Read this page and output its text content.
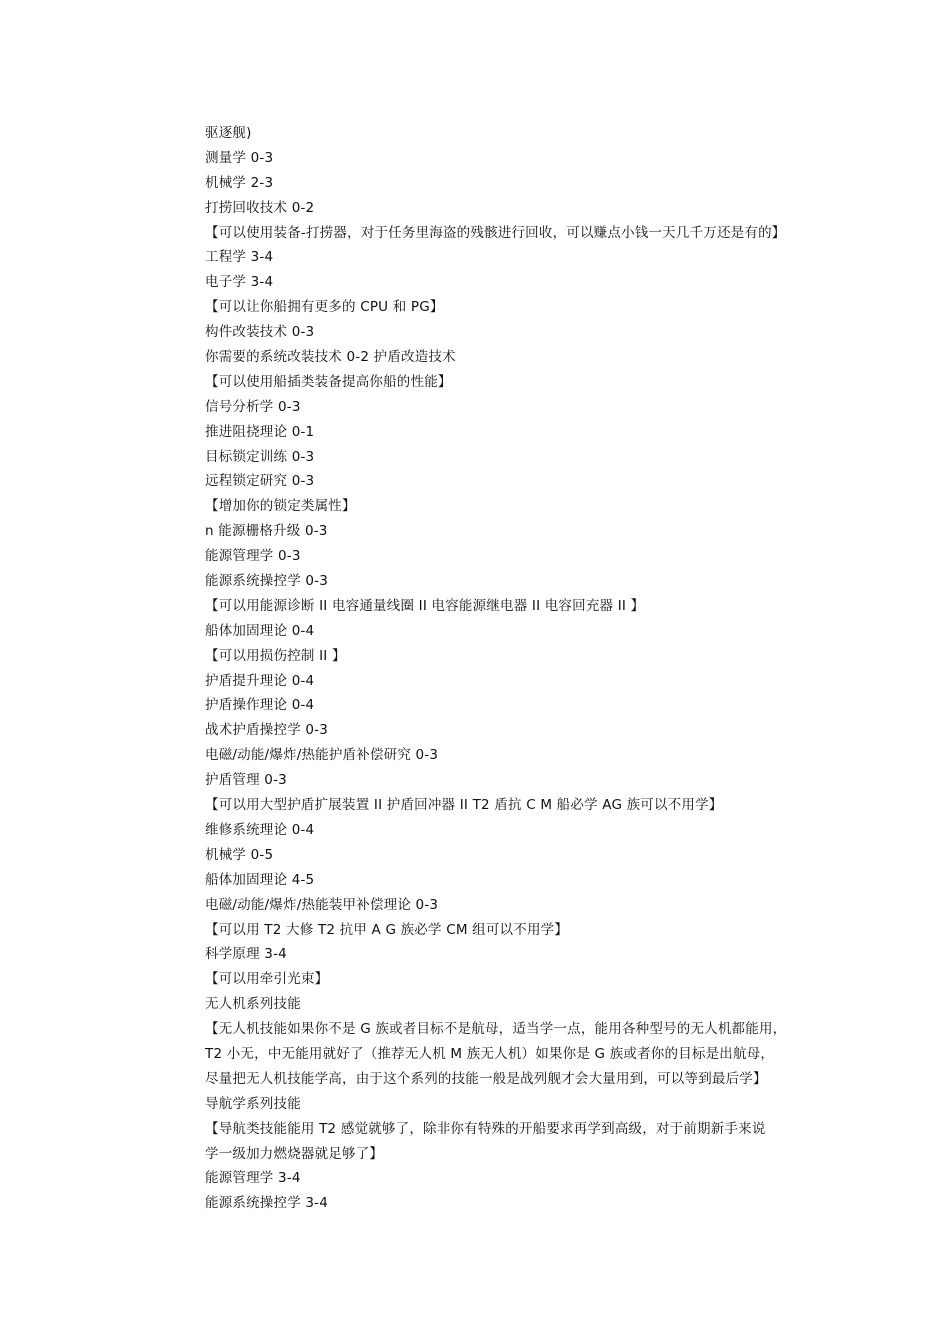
驱逐舰)
测量学 0-3
机械学 2-3
打捞回收技术 0-2
【可以使用装备-打捞器，对于任务里海盗的残骸进行回收，可以赚点小钱一天几千万还是有的】
工程学 3-4
电子学 3-4
【可以让你船拥有更多的 CPU 和 PG】
构件改装技术 0-3
你需要的系统改装技术 0-2 护盾改造技术
【可以使用船插类装备提高你船的性能】
信号分析学 0-3
推进阻挠理论 0-1
目标锁定训练 0-3
远程锁定研究 0-3
【增加你的锁定类属性】
n 能源栅格升级 0-3
能源管理学 0-3
能源系统操控学 0-3
【可以用能源诊断 II 电容通量线圈 II 电容能源继电器 II 电容回充器 II 】
船体加固理论 0-4
【可以用损伤控制 II 】
护盾提升理论 0-4
护盾操作理论 0-4
战术护盾操控学 0-3
电磁/动能/爆炸/热能护盾补偿研究 0-3
护盾管理 0-3
【可以用大型护盾扩展装置 II 护盾回冲器 II T2 盾抗 C M 船必学 AG 族可以不用学】
维修系统理论 0-4
机械学 0-5
船体加固理论 4-5
电磁/动能/爆炸/热能装甲补偿理论 0-3
【可以用 T2 大修 T2 抗甲 A G 族必学 CM 组可以不用学】
科学原理 3-4
【可以用牵引光束】
无人机系列技能
【无人机技能如果你不是 G 族或者目标不是航母，适当学一点，能用各种型号的无人机都能用，
T2 小无，中无能用就好了（推荐无人机 M 族无人机）如果你是 G 族或者你的目标是出航母，
尽量把无人机技能学高，由于这个系列的技能一般是战列舰才会大量用到，可以等到最后学】
导航学系列技能
【导航类技能能用 T2 感觉就够了，除非你有特殊的开船要求再学到高级，对于前期新手来说
学一级加力燃烧器就足够了】
能源管理学 3-4
能源系统操控学 3-4
